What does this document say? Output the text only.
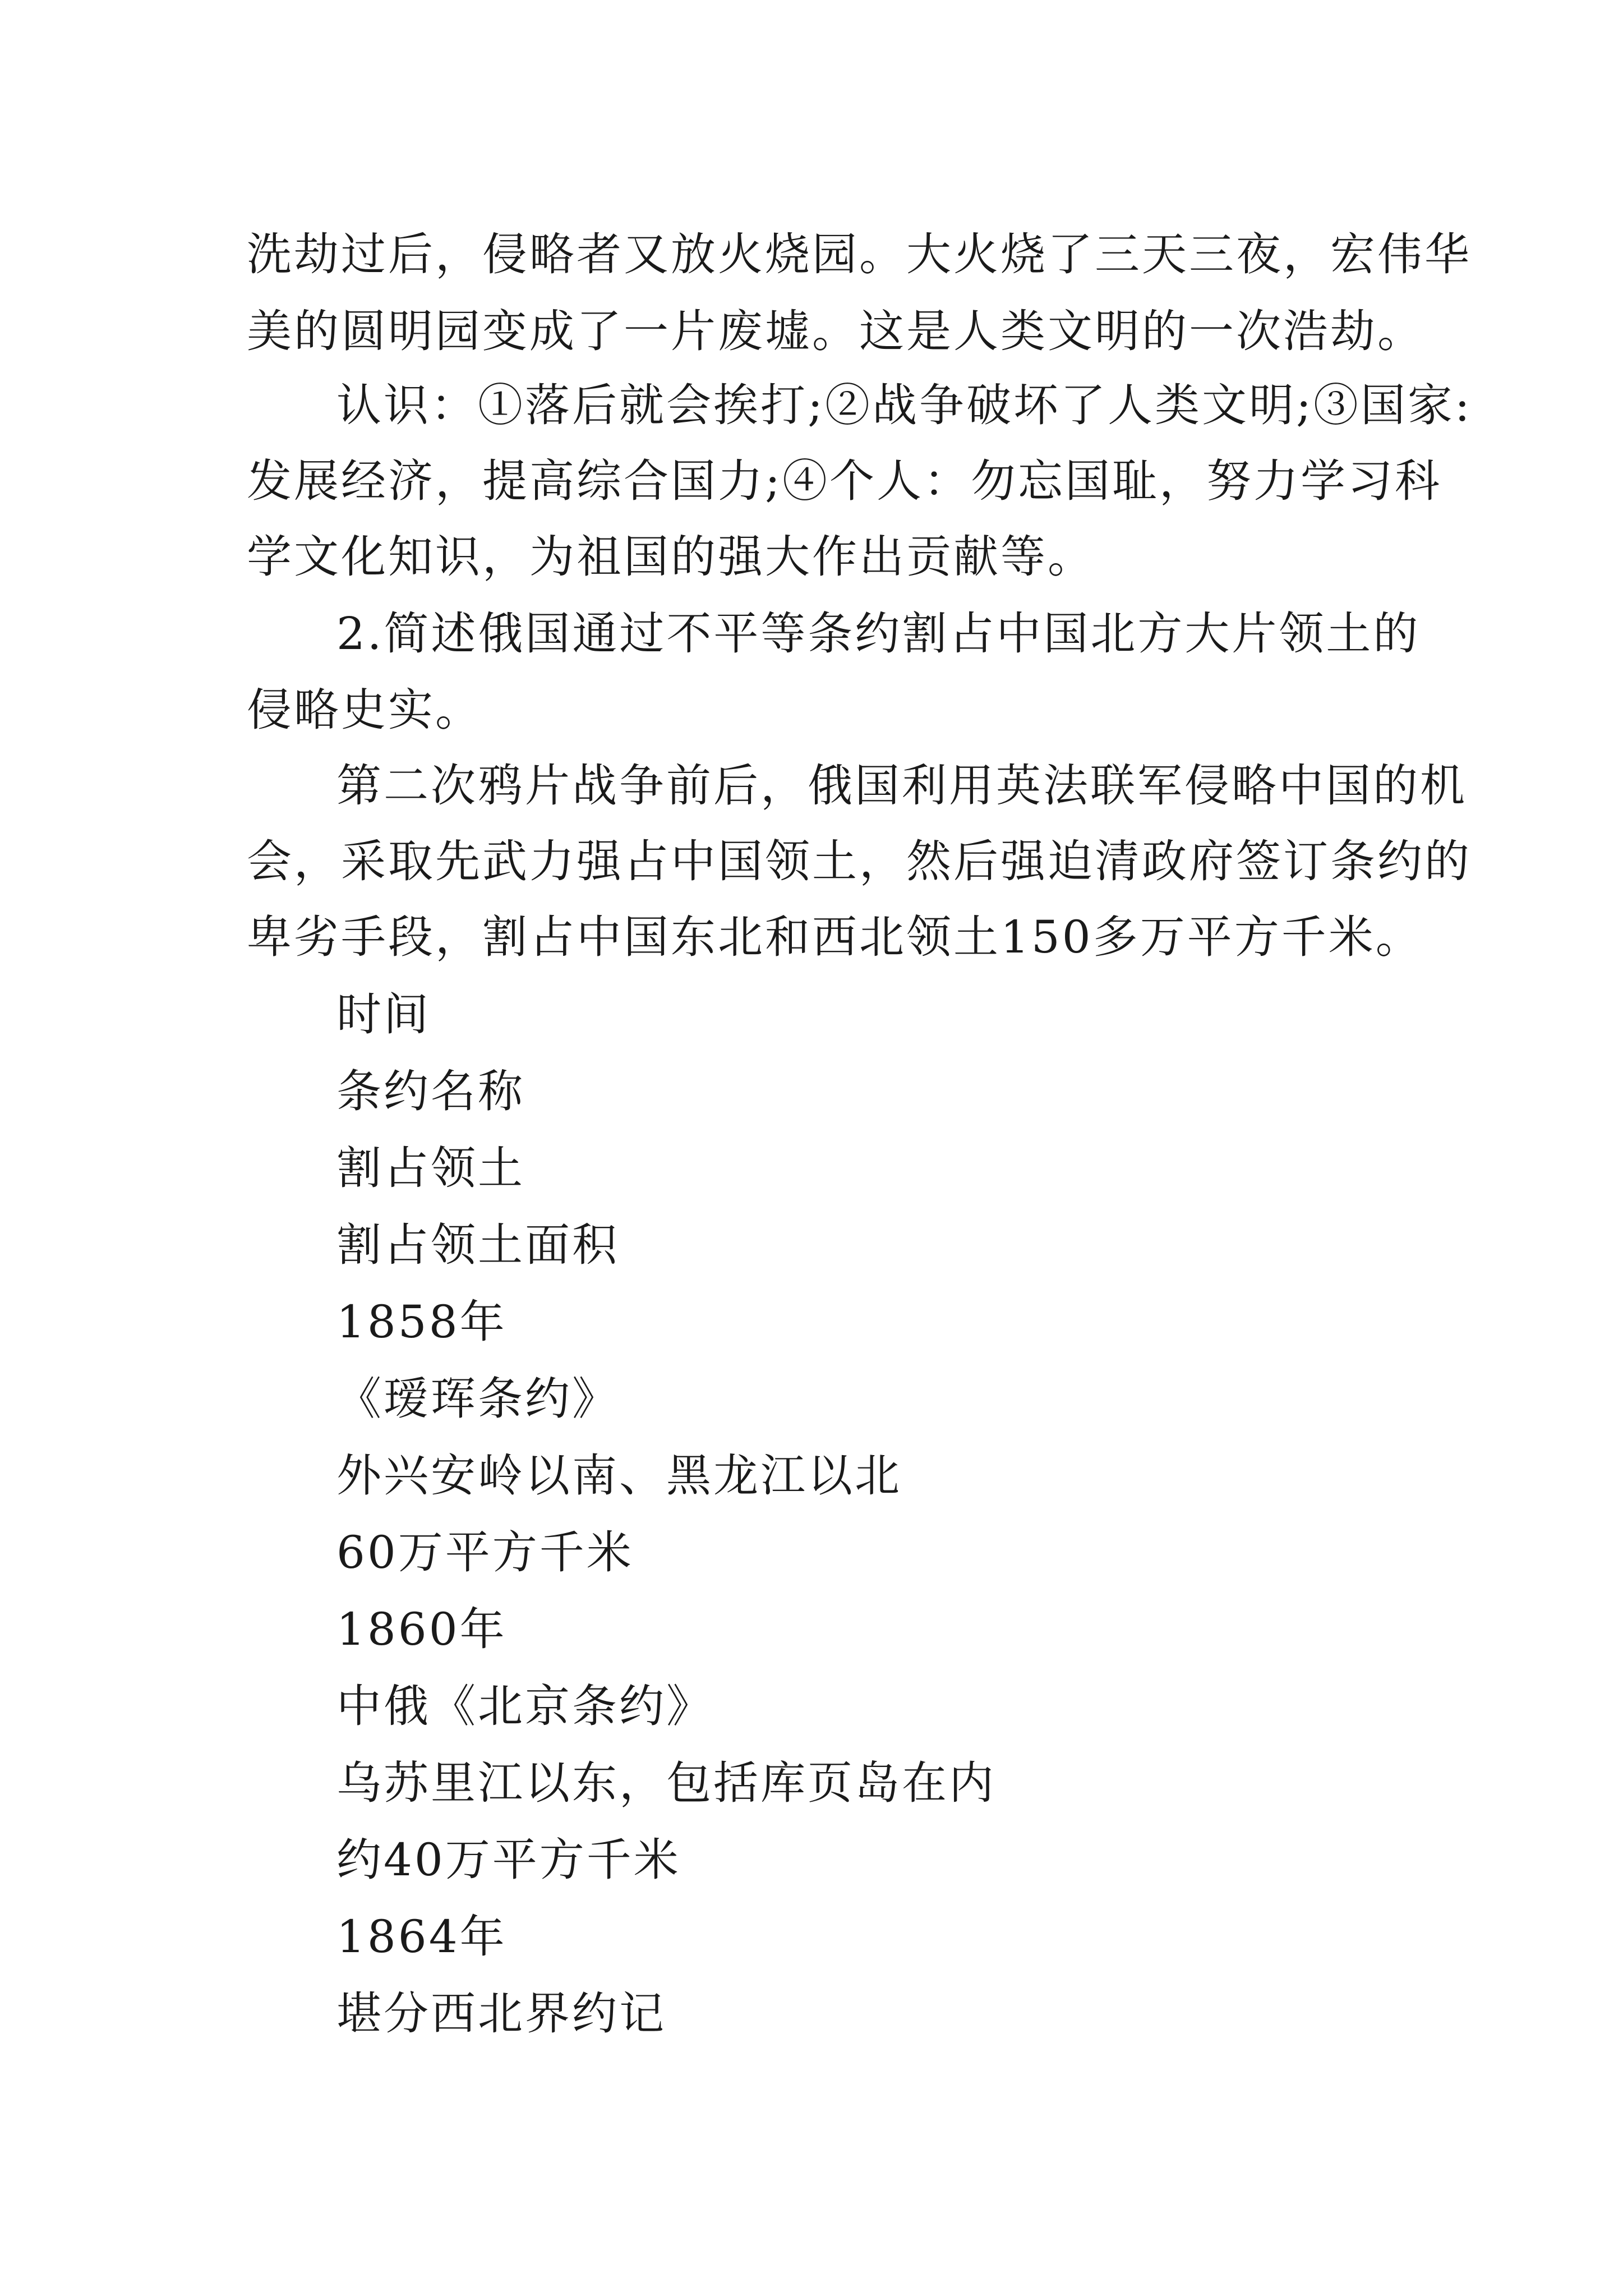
洗劫过后，侵略者又放火烧园。大火烧了三天三夜，宏伟华
美的圆明园变成了一片废墟。这是人类文明的一次浩劫。
认识：①落后就会挨打;②战争破坏了人类文明;③国家:
发展经济，提高综合国力;④个人：勿忘国耻，努力学习科
学文化知识，为祖国的强大作出贡献等。
2.简述俄国通过不平等条约割占中国北方大片领土的
侵略史实。
第二次鸦片战争前后，俄国利用英法联军侵略中国的机
会，采取先武力强占中国领土，然后强迫清政府签订条约的
卑劣手段，割占中国东北和西北领土150多万平方千米。
时间
条约名称
割占领土
割占领土面积
1858年
《瑷珲条约》
外兴安岭以南、黑龙江以北
60万平方千米
1860年
中俄《北京条约》
乌苏里江以东，包括库页岛在内
约40万平方千米
1864年
堪分西北界约记
